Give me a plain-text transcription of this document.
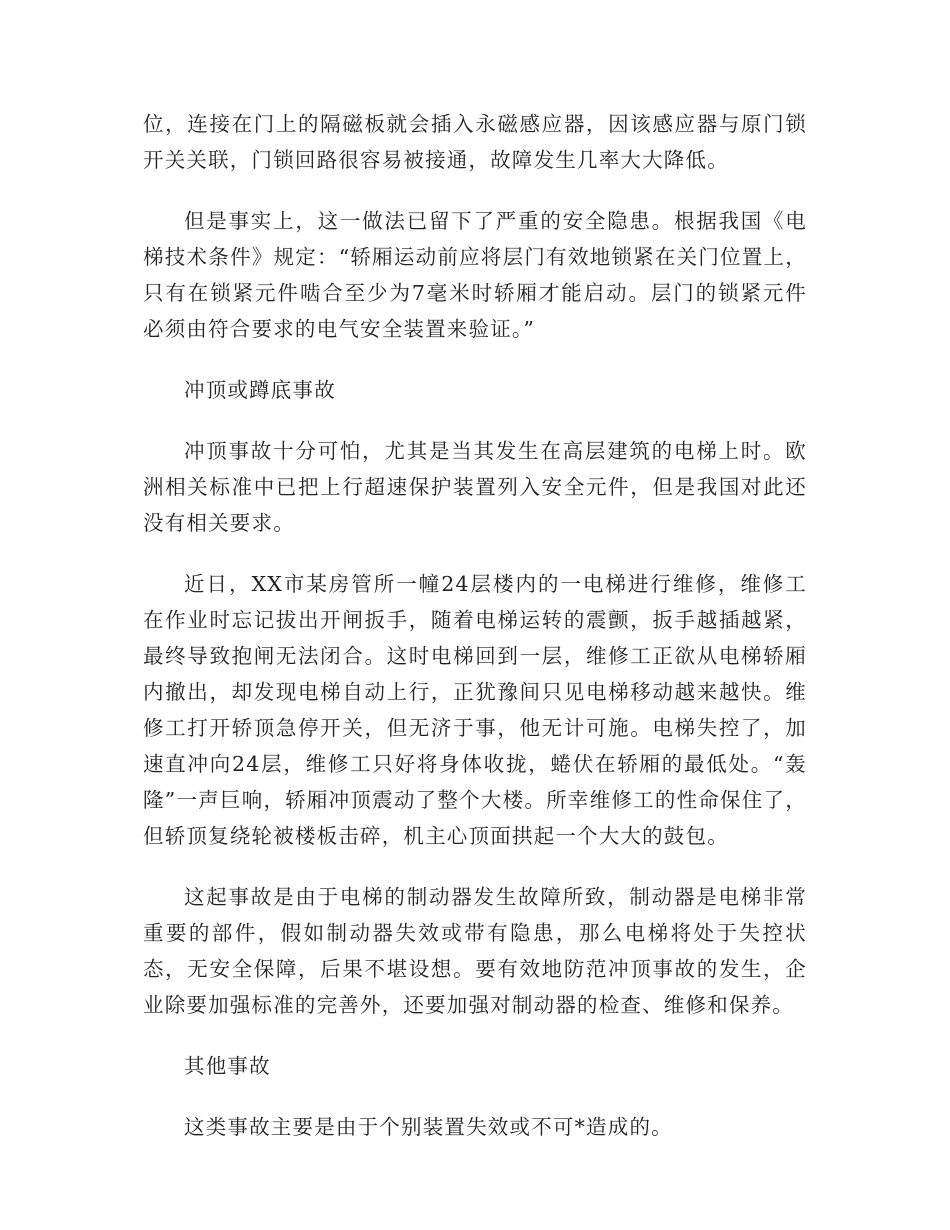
位，连接在门上的隔磁板就会插入永磁感应器，因该感应器与原门锁开关关联，门锁回路很容易被接通，故障发生几率大大降低。

但是事实上，这一做法已留下了严重的安全隐患。根据我国《电梯技术条件》规定：“轿厢运动前应将层门有效地锁紧在关门位置上，只有在锁紧元件啮合至少为7毫米时轿厢才能启动。层门的锁紧元件必须由符合要求的电气安全装置来验证。”

冲顶或蹲底事故

冲顶事故十分可怕，尤其是当其发生在高层建筑的电梯上时。欧洲相关标准中已把上行超速保护装置列入安全元件，但是我国对此还没有相关要求。

近日，XX市某房管所一幢24层楼内的一电梯进行维修，维修工在作业时忘记拔出开闸扳手，随着电梯运转的震颤，扳手越插越紧，最终导致抱闸无法闭合。这时电梯回到一层，维修工正欲从电梯轿厢内撤出，却发现电梯自动上行，正犹豫间只见电梯移动越来越快。维修工打开轿顶急停开关，但无济于事，他无计可施。电梯失控了，加速直冲向24层，维修工只好将身体收拢，蜷伏在轿厢的最低处。“轰隆”一声巨响，轿厢冲顶震动了整个大楼。所幸维修工的性命保住了，但轿顶复绕轮被楼板击碎，机主心顶面拱起一个大大的鼓包。

这起事故是由于电梯的制动器发生故障所致，制动器是电梯非常重要的部件，假如制动器失效或带有隐患，那么电梯将处于失控状态，无安全保障，后果不堪设想。要有效地防范冲顶事故的发生，企业除要加强标准的完善外，还要加强对制动器的检查、维修和保养。

其他事故

这类事故主要是由于个别装置失效或不可*造成的。
